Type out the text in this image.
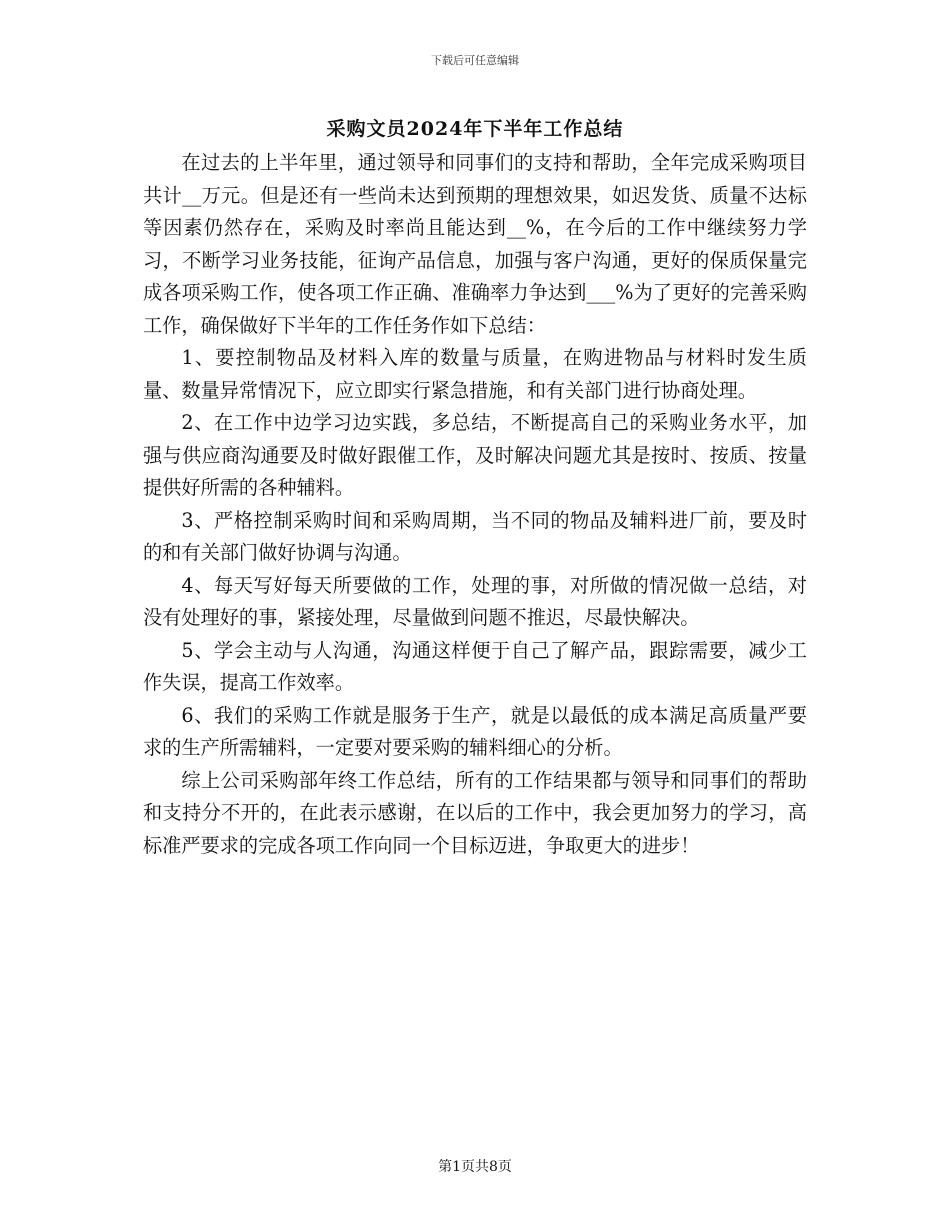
下载后可任意编辑
采购文员2024年下半年工作总结

在过去的上半年里，通过领导和同事们的支持和帮助，全年完成采购项目共计__万元。但是还有一些尚未达到预期的理想效果，如迟发货、质量不达标等因素仍然存在，采购及时率尚且能达到__%，在今后的工作中继续努力学习，不断学习业务技能，征询产品信息，加强与客户沟通，更好的保质保量完成各项采购工作，使各项工作正确、准确率力争达到___%为了更好的完善采购工作，确保做好下半年的工作任务作如下总结：

1、要控制物品及材料入库的数量与质量，在购进物品与材料时发生质量、数量异常情况下，应立即实行紧急措施，和有关部门进行协商处理。

2、在工作中边学习边实践，多总结，不断提高自己的采购业务水平，加强与供应商沟通要及时做好跟催工作，及时解决问题尤其是按时、按质、按量提供好所需的各种辅料。

3、严格控制采购时间和采购周期，当不同的物品及辅料进厂前，要及时的和有关部门做好协调与沟通。

4、每天写好每天所要做的工作，处理的事，对所做的情况做一总结，对没有处理好的事，紧接处理，尽量做到问题不推迟，尽最快解决。

5、学会主动与人沟通，沟通这样便于自己了解产品，跟踪需要，减少工作失误，提高工作效率。

6、我们的采购工作就是服务于生产，就是以最低的成本满足高质量严要求的生产所需辅料，一定要对要采购的辅料细心的分析。

综上公司采购部年终工作总结，所有的工作结果都与领导和同事们的帮助和支持分不开的，在此表示感谢，在以后的工作中，我会更加努力的学习，高标准严要求的完成各项工作向同一个目标迈进，争取更大的进步！

第1页共8页
